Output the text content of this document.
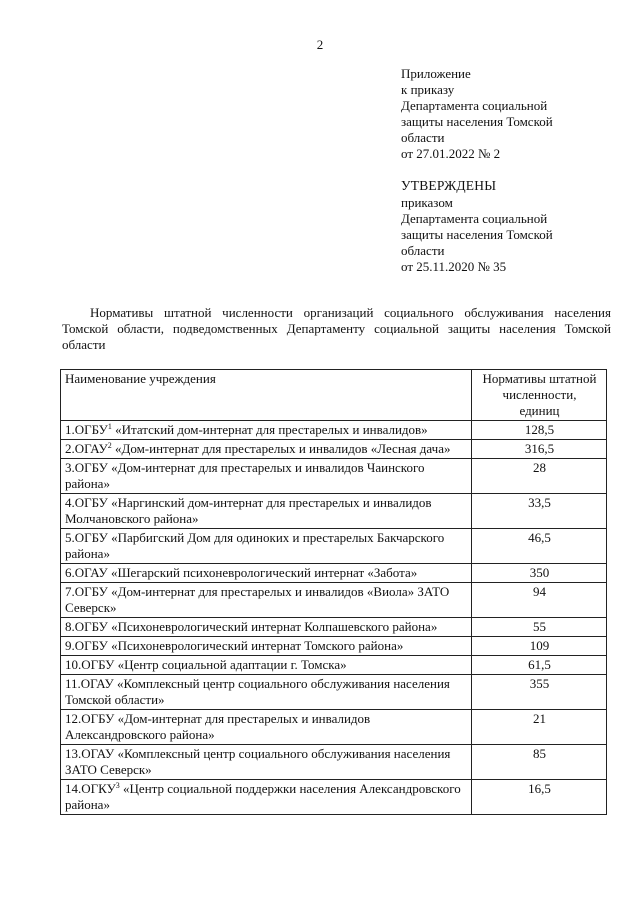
2
Приложение
к приказу
Департамента социальной
защиты населения Томской
области
от 27.01.2022 № 2
УТВЕРЖДЕНЫ
приказом
Департамента социальной
защиты населения Томской
области
от 25.11.2020 № 35
Нормативы штатной численности организаций социального обслуживания населения Томской области, подведомственных Департаменту социальной защиты населения Томской области
Наименование учреждения	Нормативы штатной
численности,
единиц

1.ОГБУ$^1$ «Итатский дом-интернат для престарелых и инвалидов»	128,5
2.ОГАУ$^2$ «Дом-интернат для престарелых и инвалидов «Лесная дача»	316,5
3.ОГБУ «Дом-интернат для престарелых и инвалидов Чаинского района»	28
4.ОГБУ «Наргинский дом-интернат для престарелых и инвалидов Молчановского района»	33,5
5.ОГБУ «Парбигский Дом для одиноких и престарелых Бакчарского района»	46,5
6.ОГАУ «Шегарский психоневрологический интернат «Забота»	350
7.ОГБУ «Дом-интернат для престарелых и инвалидов «Виола» ЗАТО Северск»	94
8.ОГБУ «Психоневрологический интернат Колпашевского района»	55
9.ОГБУ «Психоневрологический интернат Томского района»	109
10.ОГБУ «Центр социальной адаптации г. Томска»	61,5
11.ОГАУ «Комплексный центр социального обслуживания населения Томской области»	355
12.ОГБУ «Дом-интернат для престарелых и инвалидов Александровского района»	21
13.ОГАУ «Комплексный центр социального обслуживания населения ЗАТО Северск»	85
14.ОГКУ$^3$ «Центр социальной поддержки населения Александровского района»	16,5
